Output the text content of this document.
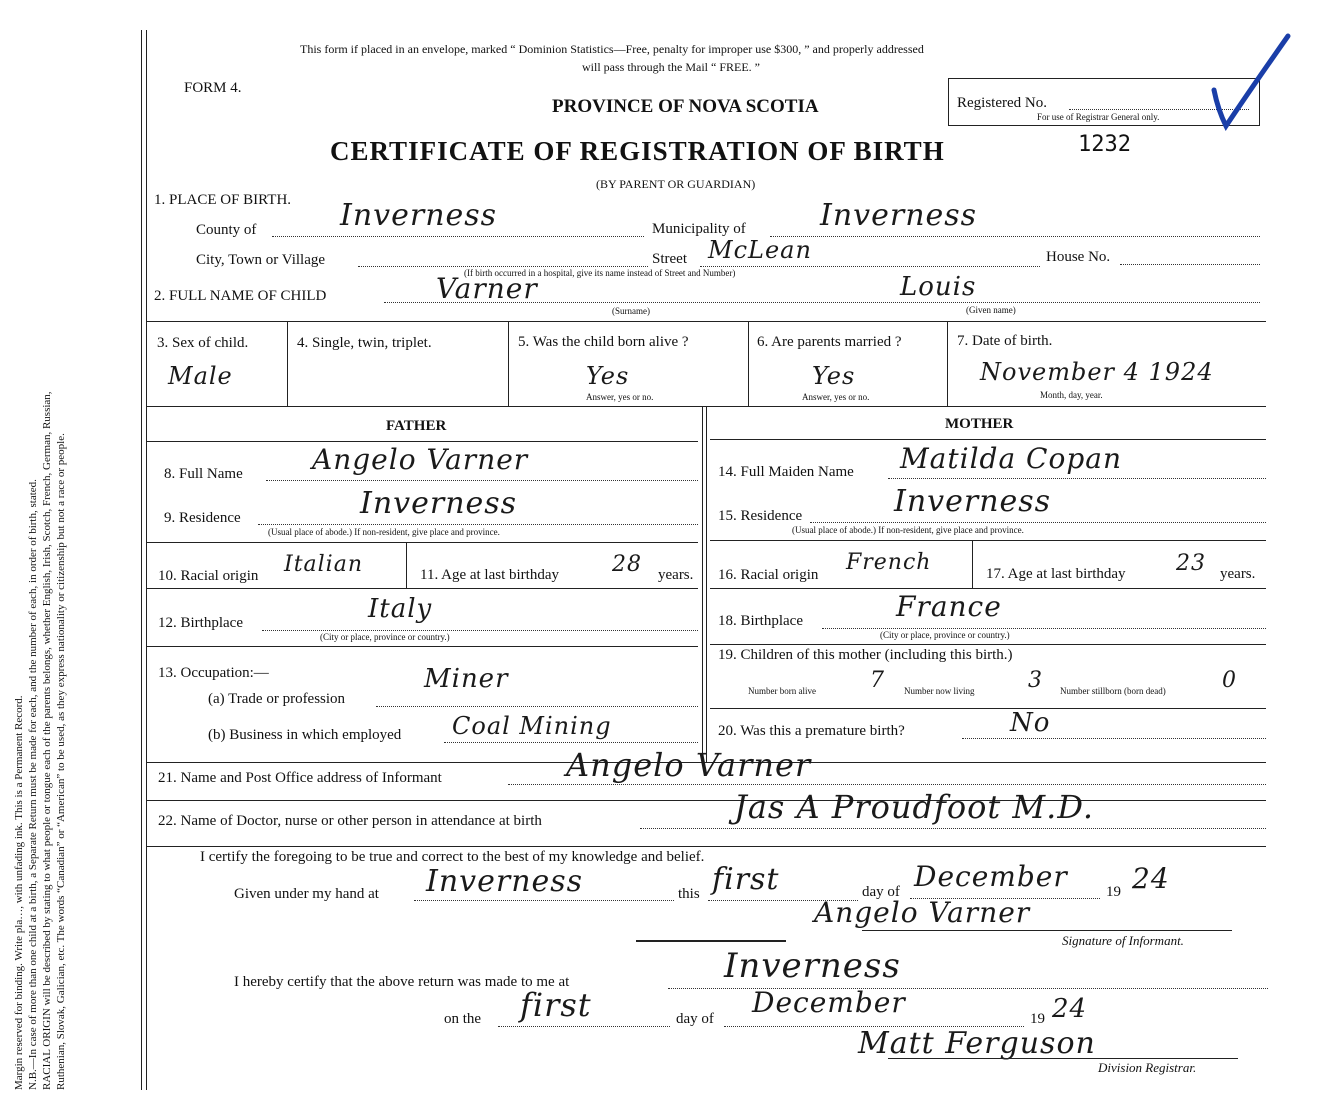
Margin reserved for binding. Write pla…, with unfading ink. This is a Permanent Record. N.B.—In case of more than one child at a birth, a Separate Return must be made for each, and the number of each, in order of birth, stated. RACIAL ORIGIN will be described by stating to what people or tongue each of the parents belongs, whether English, Irish, Scotch, French, German, Russian, Ruthenian, Slovak, Galician, etc. The words “Canadian” or “American” to be used, as they express nationality or citizenship but not a race or people.
This form if placed in an envelope, marked “ Dominion Statistics—Free, penalty for improper use $300, ” and properly addressed
will pass through the Mail “ FREE. ”
FORM 4.
PROVINCE OF NOVA SCOTIA	Registered No.
For use of Registrar General only.
CERTIFICATE OF REGISTRATION OF BIRTH	1232
(BY PARENT OR GUARDIAN)
1. PLACE OF BIRTH.
County of	Inverness	Municipality of Inverness
City, Town or Village	Street McLean	House No.
(If birth occurred in a hospital, give its name instead of Street and Number)
2. FULL NAME OF CHILD	Varner	Louis
(Surname)	(Given name)
3. Sex of child.
Male
4. Single, twin, triplet.	5. Was the child born alive ?
Yes
Answer, yes or no.
6. Are parents married ?
Yes
Answer, yes or no.
7. Date of birth.
November 4 1924
Month, day, year.
FATHER	MOTHER
8. Full Name Angelo Varner
9. Residence	Inverness
(Usual place of abode.) If non-resident, give place and province.
10. Racial origin Italian	11. Age at last birthday 28 years.
12. Birthplace	Italy
(City or place, province or country.)
13. Occupation:—
(a) Trade or profession
Miner
(b) Business in which employed Coal Mining
14. Full Maiden Name Matilda Copan
15. Residence	Inverness
(Usual place of abode.) If non-resident, give place and province.
16. Racial origin French	17. Age at last birthday 23 years.
18. Birthplace	France
(City or place, province or country.)
19. Children of this mother (including this birth.)
Number born alive 7 Number now living 3 Number stillborn (born dead)	0
20. Was this a premature birth?	No
21. Name and Post Office address of Informant	Angelo Varner
22. Name of Doctor, nurse or other person in attendance at birth	Jas A Proudfoot M.D.
I certify the foregoing to be true and correct to the best of my knowledge and belief.
Given under my hand at Inverness	this first	day of December	19 24
Angelo Varner
Signature of Informant.
I hereby certify that the above return was made to me at	Inverness
on the first	day of December	19 24
Matt Ferguson
Division Registrar.
